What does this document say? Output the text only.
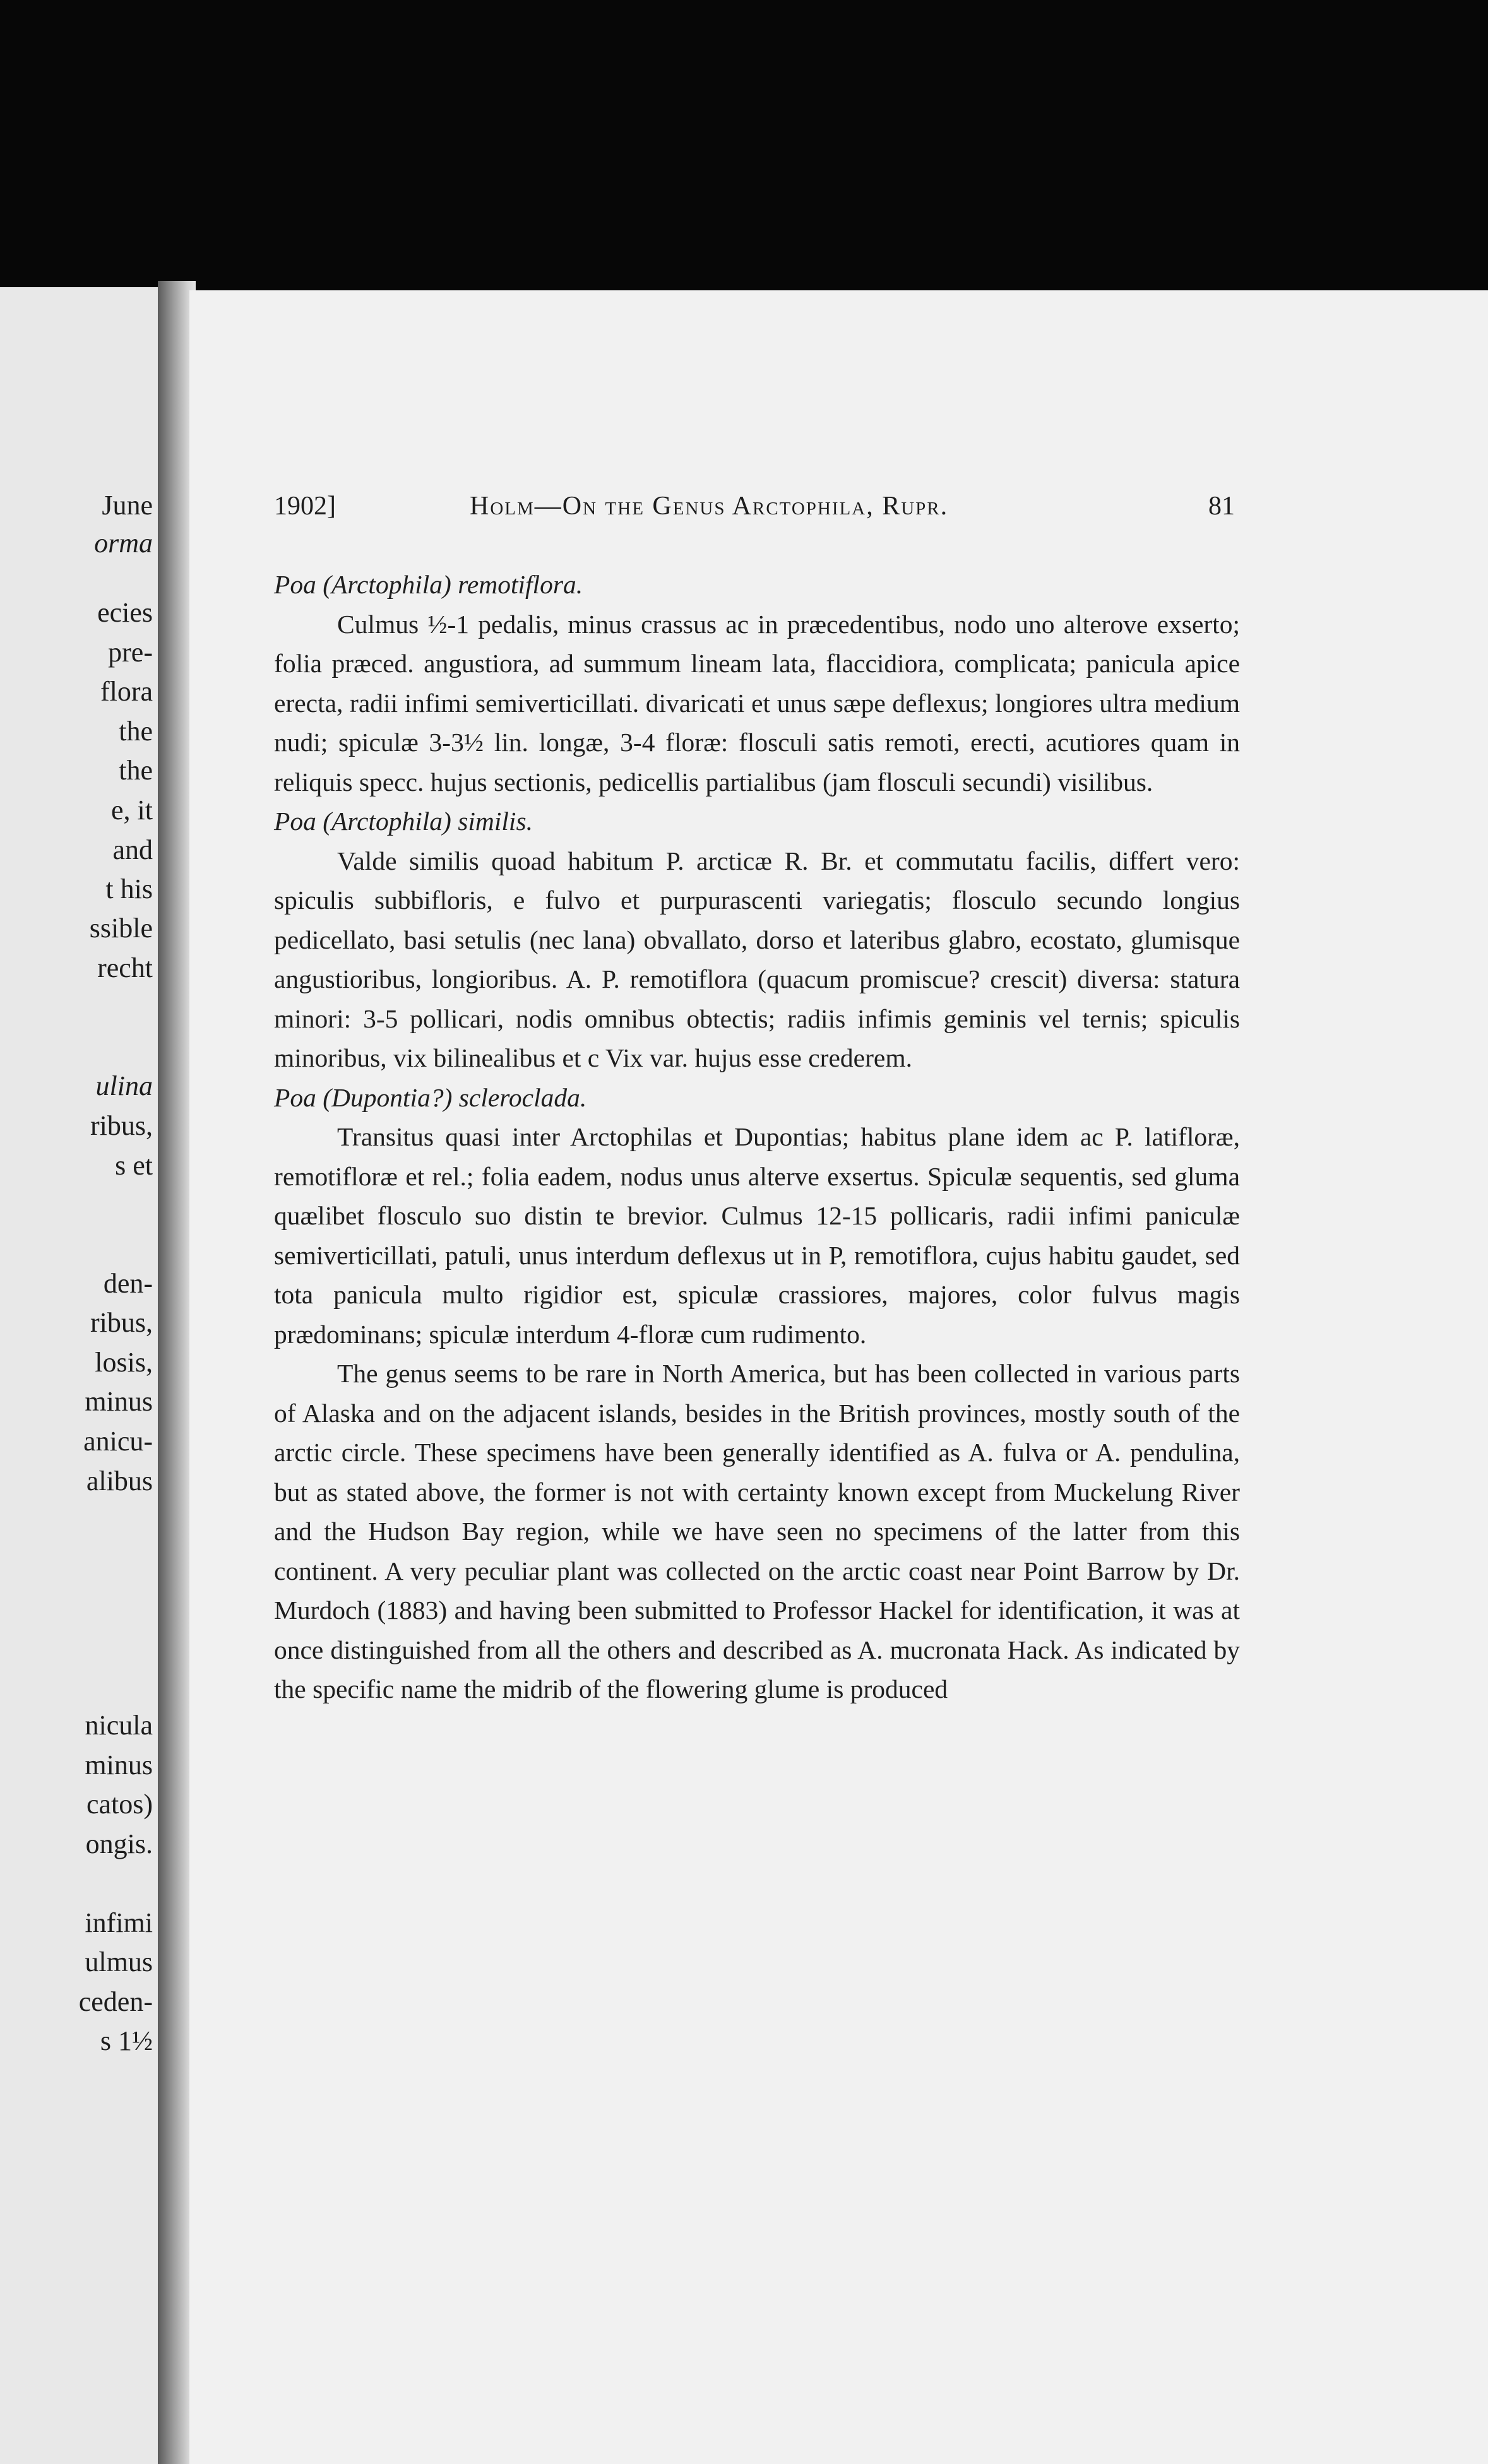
June
orma
ecies
pre-
flora
the
the
e, it
and
t his
ssible
recht
ulina
ribus,
s et
den-
ribus,
losis,
minus
anicu-
alibus
nicula
minus
catos)
ongis.
infimi
ulmus
ceden-
s 1½
1902]	Holm—On the Genus Arctophila, Rupr.	81

Poa (Arctophila) remotiflora.

Culmus ½-1 pedalis, minus crassus ac in præcedentibus, nodo uno alterove exserto; folia præced. angustiora, ad summum lineam lata, flaccidiora, complicata; panicula apice erecta, radii infimi semiverticillati. divaricati et unus sæpe deflexus; longiores ultra medium nudi; spiculæ 3-3½ lin. longæ, 3-4 floræ: flosculi satis remoti, erecti, acutiores quam in reliquis specc. hujus sectionis, pedicellis partialibus (jam flosculi secundi) visilibus.

Poa (Arctophila) similis.

Valde similis quoad habitum P. arcticæ R. Br. et commutatu facilis, differt vero: spiculis subbifloris, e fulvo et purpurascenti variegatis; flosculo secundo longius pedicellato, basi setulis (nec lana) obvallato, dorso et lateribus glabro, ecostato, glumisque angustioribus, longioribus. A. P. remotiflora (quacum promiscue? crescit) diversa: statura minori: 3-5 pollicari, nodis omnibus obtectis; radiis infimis geminis vel ternis; spiculis minoribus, vix bilinealibus et c Vix var. hujus esse crederem.

Poa (Dupontia?) scleroclada.

Transitus quasi inter Arctophilas et Dupontias; habitus plane idem ac P. latifloræ, remotifloræ et rel.; folia eadem, nodus unus alterve exsertus. Spiculæ sequentis, sed gluma quælibet flosculo suo distin te brevior. Culmus 12-15 pollicaris, radii infimi paniculæ semiverticillati, patuli, unus interdum deflexus ut in P, remotiflora, cujus habitu gaudet, sed tota panicula multo rigidior est, spiculæ crassiores, majores, color fulvus magis prædominans; spiculæ interdum 4-floræ cum rudimento.

The genus seems to be rare in North America, but has been collected in various parts of Alaska and on the adjacent islands, besides in the British provinces, mostly south of the arctic circle. These specimens have been generally identified as A. fulva or A. pendulina, but as stated above, the former is not with certainty known except from Muckelung River and the Hudson Bay region, while we have seen no specimens of the latter from this continent. A very peculiar plant was collected on the arctic coast near Point Barrow by Dr. Murdoch (1883) and having been submitted to Professor Hackel for identification, it was at once distinguished from all the others and described as A. mucronata Hack. As indicated by the specific name the midrib of the flowering glume is produced
